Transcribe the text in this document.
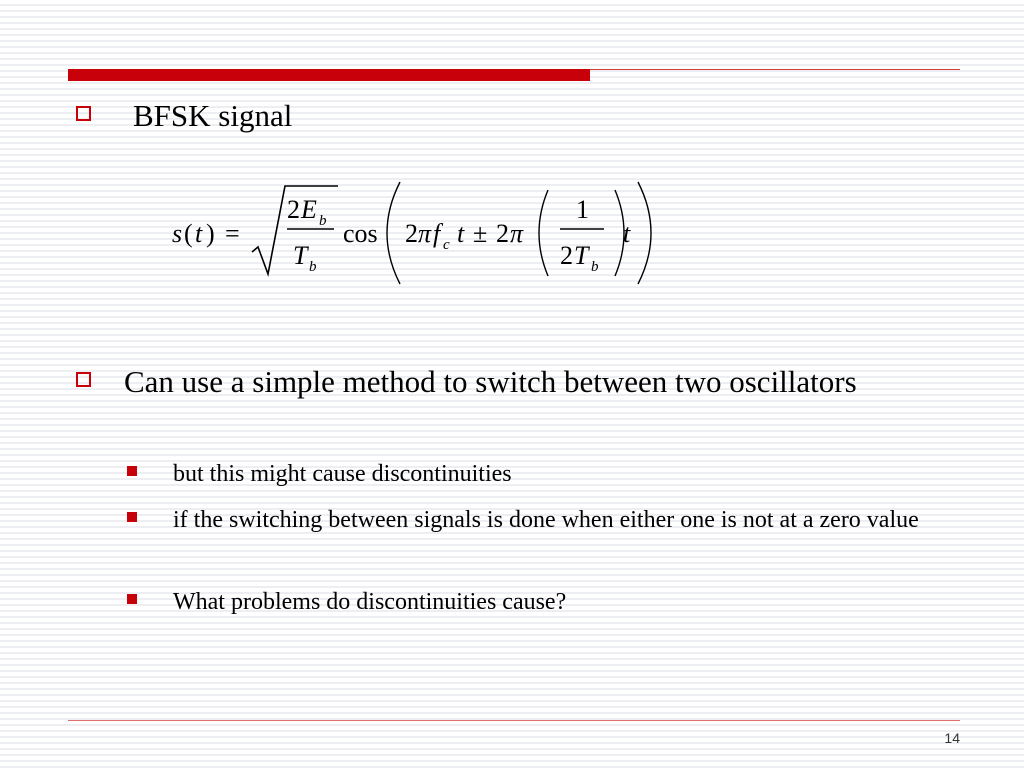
BFSK signal
s ( t ) =
2 E b
T b
cos 2 π f c t ± 2 π
1
2 T b
t
Can use a simple method to switch between two oscillators
but this might cause discontinuities
if the switching between signals is done when either one is not at a zero value
What problems do discontinuities cause?
14
